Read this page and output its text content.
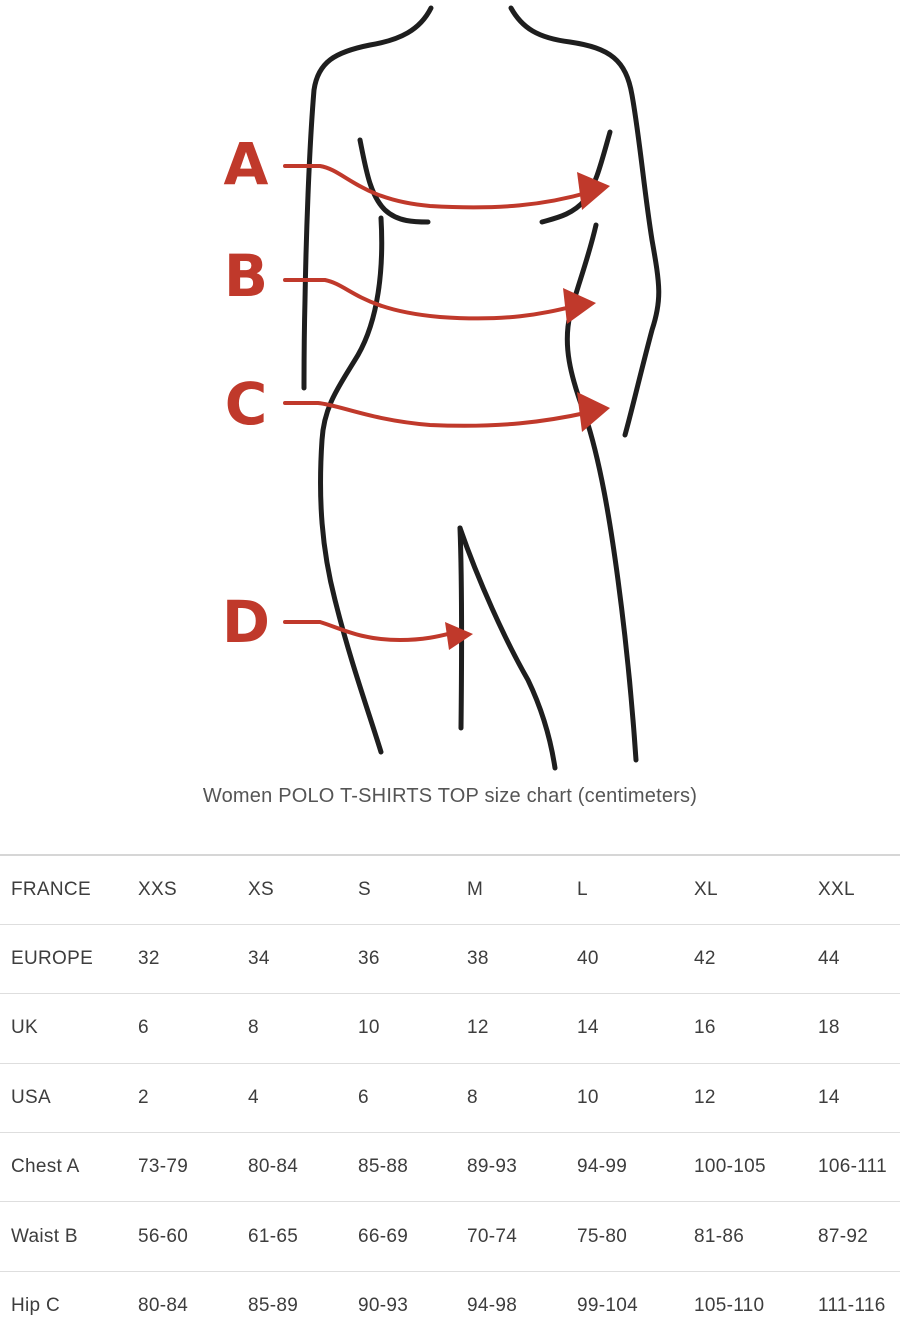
A
B
C
D
Women POLO T-SHIRTS TOP size chart (centimeters)
FRANCE	XXS	XS	S	M	L	XL	XXL
EUROPE	32	34	36	38	40	42	44
UK	6	8	10	12	14	16	18
USA	2	4	6	8	10	12	14
Chest A	73-79	80-84	85-88	89-93	94-99	100-105	106-111
Waist B	56-60	61-65	66-69	70-74	75-80	81-86	87-92
Hip C	80-84	85-89	90-93	94-98	99-104	105-110	111-116
